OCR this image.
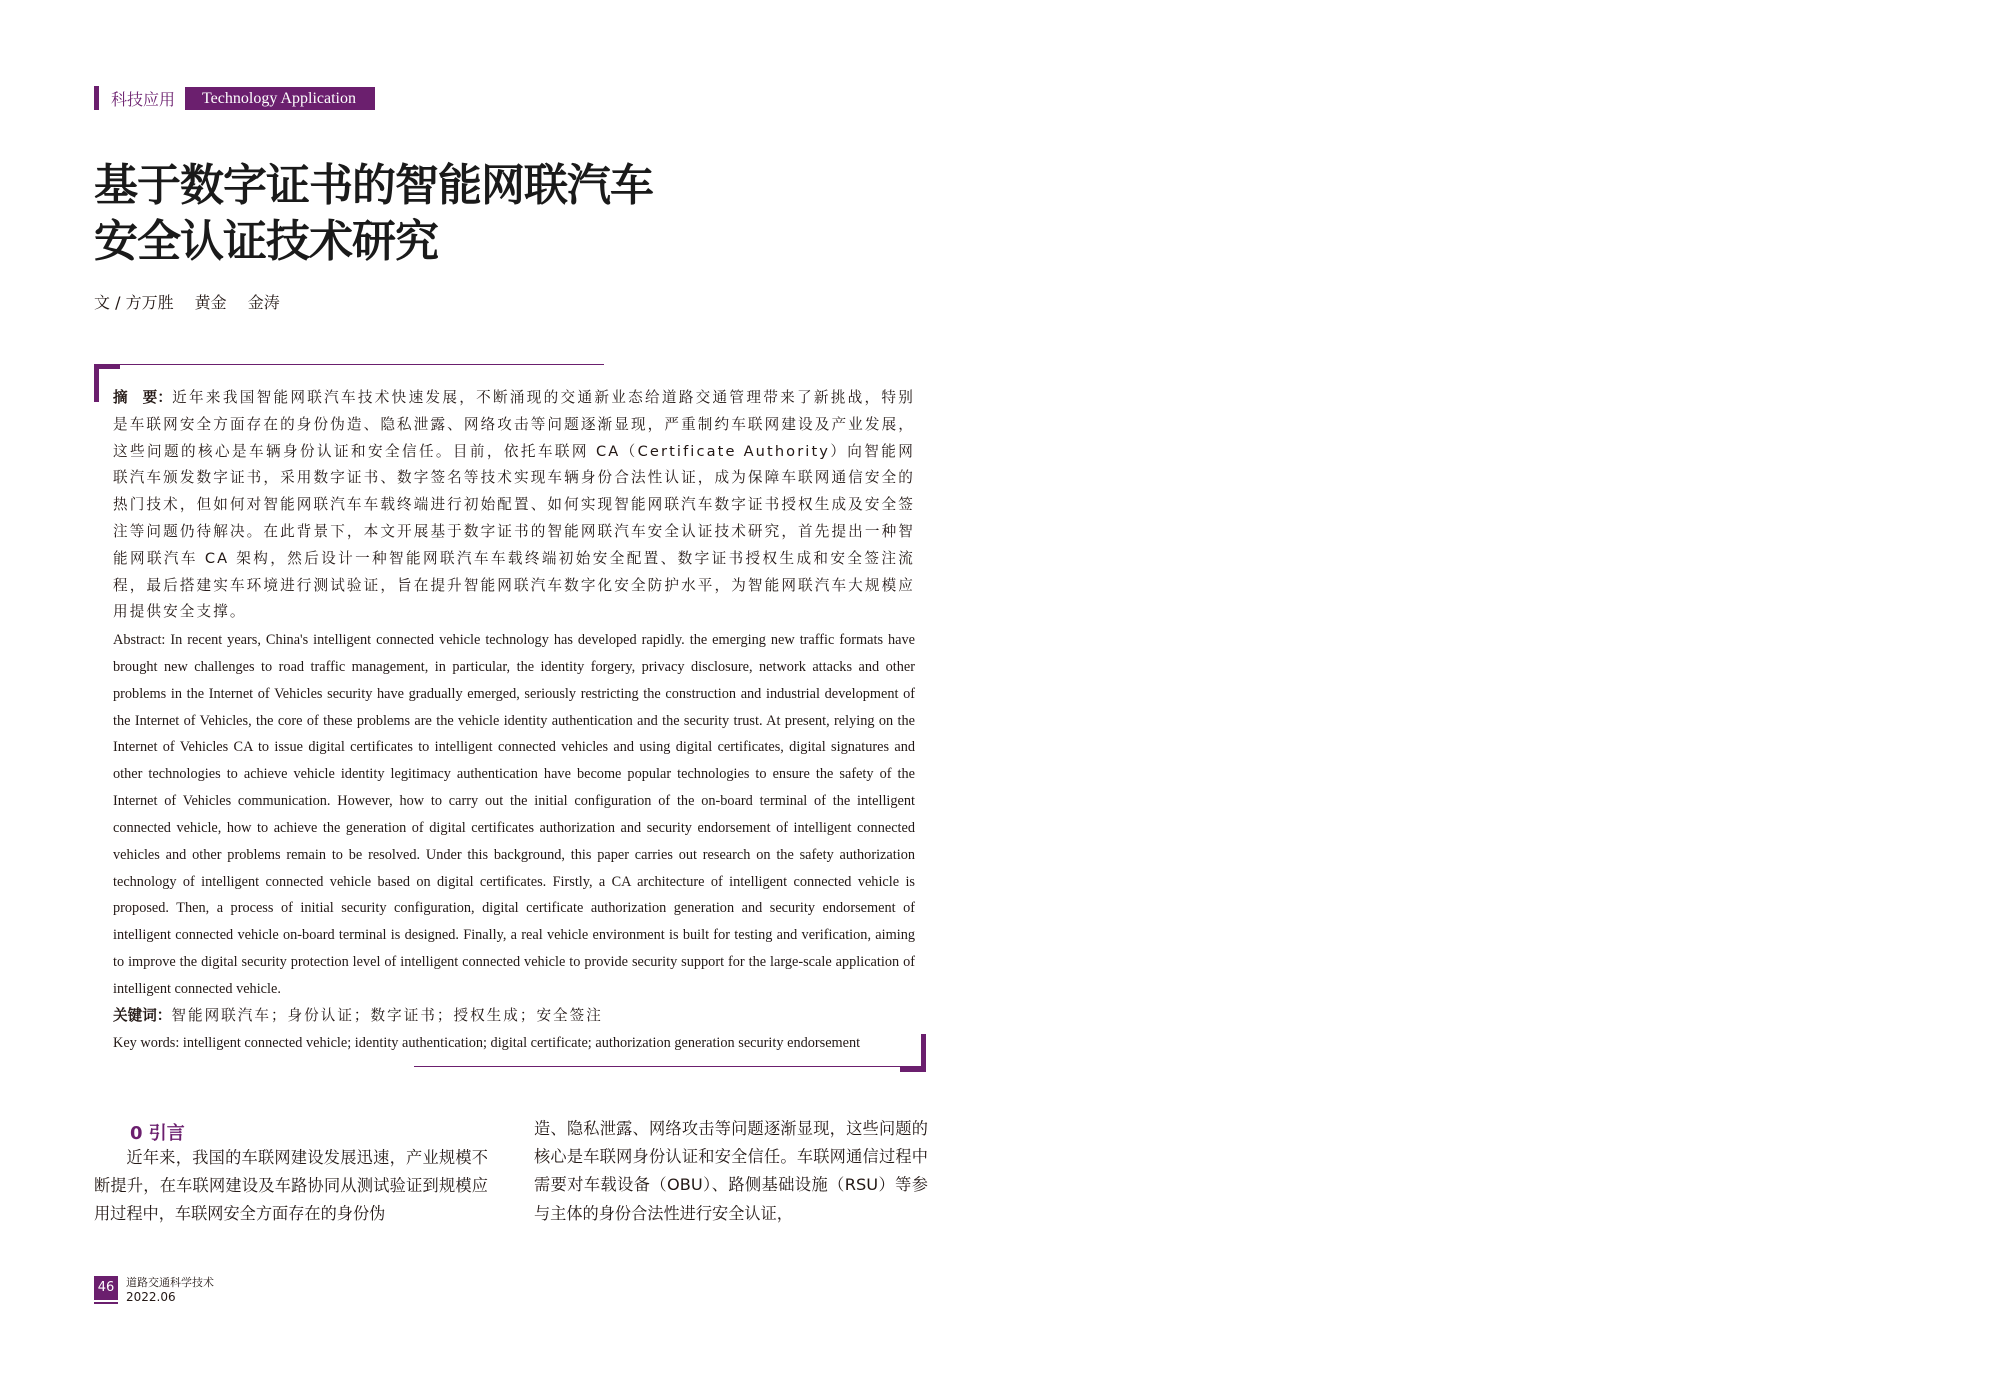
科技应用	Technology Application
基于数字证书的智能网联汽车
安全认证技术研究
文 / 方万胜　 黄金　 金涛

摘　要：近年来我国智能网联汽车技术快速发展，不断涌现的交通新业态给道路交通管理带来了新挑战，特别是车联网安全方面存在的身份伪造、隐私泄露、网络攻击等问题逐渐显现，严重制约车联网建设及产业发展，这些问题的核心是车辆身份认证和安全信任。目前，依托车联网 CA（Certificate Authority）向智能网联汽车颁发数字证书，采用数字证书、数字签名等技术实现车辆身份合法性认证，成为保障车联网通信安全的热门技术，但如何对智能网联汽车车载终端进行初始配置、如何实现智能网联汽车数字证书授权生成及安全签注等问题仍待解决。在此背景下，本文开展基于数字证书的智能网联汽车安全认证技术研究，首先提出一种智能网联汽车 CA 架构，然后设计一种智能网联汽车车载终端初始安全配置、数字证书授权生成和安全签注流程，最后搭建实车环境进行测试验证，旨在提升智能网联汽车数字化安全防护水平，为智能网联汽车大规模应用提供安全支撑。

Abstract: In recent years, China's intelligent connected vehicle technology has developed rapidly. the emerging new traffic formats have brought new challenges to road traffic management, in particular, the identity forgery, privacy disclosure, network attacks and other problems in the Internet of Vehicles security have gradually emerged, seriously restricting the construction and industrial development of the Internet of Vehicles, the core of these problems are the vehicle identity authentication and the security trust. At present, relying on the Internet of Vehicles CA to issue digital certificates to intelligent connected vehicles and using digital certificates, digital signatures and other technologies to achieve vehicle identity legitimacy authentication have become popular technologies to ensure the safety of the Internet of Vehicles communication. However, how to carry out the initial configuration of the on-board terminal of the intelligent connected vehicle, how to achieve the generation of digital certificates authorization and security endorsement of intelligent connected vehicles and other problems remain to be resolved. Under this background, this paper carries out research on the safety authorization technology of intelligent connected vehicle based on digital certificates. Firstly, a CA architecture of intelligent connected vehicle is proposed. Then, a process of initial security configuration, digital certificate authorization generation and security endorsement of intelligent connected vehicle on-board terminal is designed. Finally, a real vehicle environment is built for testing and verification, aiming to improve the digital security protection level of intelligent connected vehicle to provide security support for the large-scale application of intelligent connected vehicle.

关键词：智能网联汽车；身份认证；数字证书；授权生成；安全签注

Key words: intelligent connected vehicle; identity authentication; digital certificate; authorization generation security endorsement

0 引言

近年来，我国的车联网建设发展迅速，产业规模不断提升，在车联网建设及车路协同从测试验证到规模应用过程中，车联网安全方面存在的身份伪

造、隐私泄露、网络攻击等问题逐渐显现，这些问题的核心是车联网身份认证和安全信任。车联网通信过程中需要对车载设备（OBU）、路侧基础设施（RSU）等参与主体的身份合法性进行安全认证，

46	道路交通科学技术
2022.06
